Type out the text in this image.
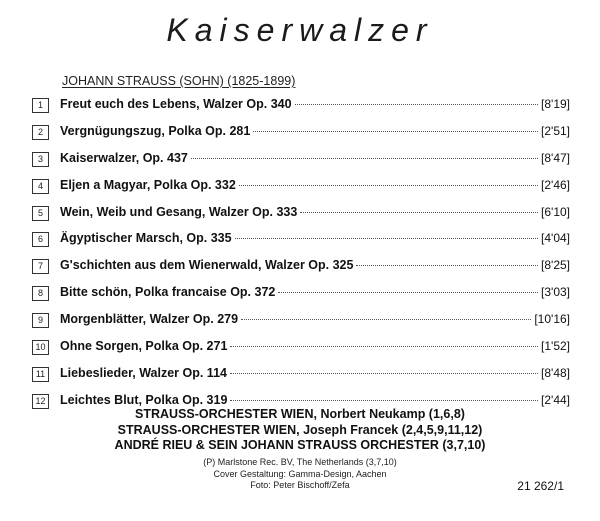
Kaiserwalzer
JOHANN STRAUSS (SOHN) (1825-1899)
1	Freut euch des Lebens, Walzer Op. 340	[8'19]
2	Vergnügungszug, Polka Op. 281	[2'51]
3	Kaiserwalzer, Op. 437	[8'47]
4	Eljen a Magyar, Polka Op. 332	[2'46]
5	Wein, Weib und Gesang, Walzer Op. 333	[6'10]
6	Ägyptischer Marsch, Op. 335	[4'04]
7	G'schichten aus dem Wienerwald, Walzer Op. 325	[8'25]
8	Bitte schön, Polka francaise Op. 372	[3'03]
9	Morgenblätter, Walzer Op. 279	[10'16]
10 Ohne Sorgen, Polka Op. 271	[1'52]
11	Liebeslieder, Walzer Op. 114	[8'48]
12 Leichtes Blut, Polka Op. 319	[2'44]
STRAUSS-ORCHESTER WIEN, Norbert Neukamp (1,6,8)
STRAUSS-ORCHESTER WIEN, Joseph Francek (2,4,5,9,11,12)
ANDRÉ RIEU & SEIN JOHANN STRAUSS ORCHESTER (3,7,10)
(P) Marlstone Rec. BV, The Netherlands (3,7,10)
Cover Gestaltung: Gamma-Design, Aachen
Foto: Peter Bischoff/Zefa	21 262/1
